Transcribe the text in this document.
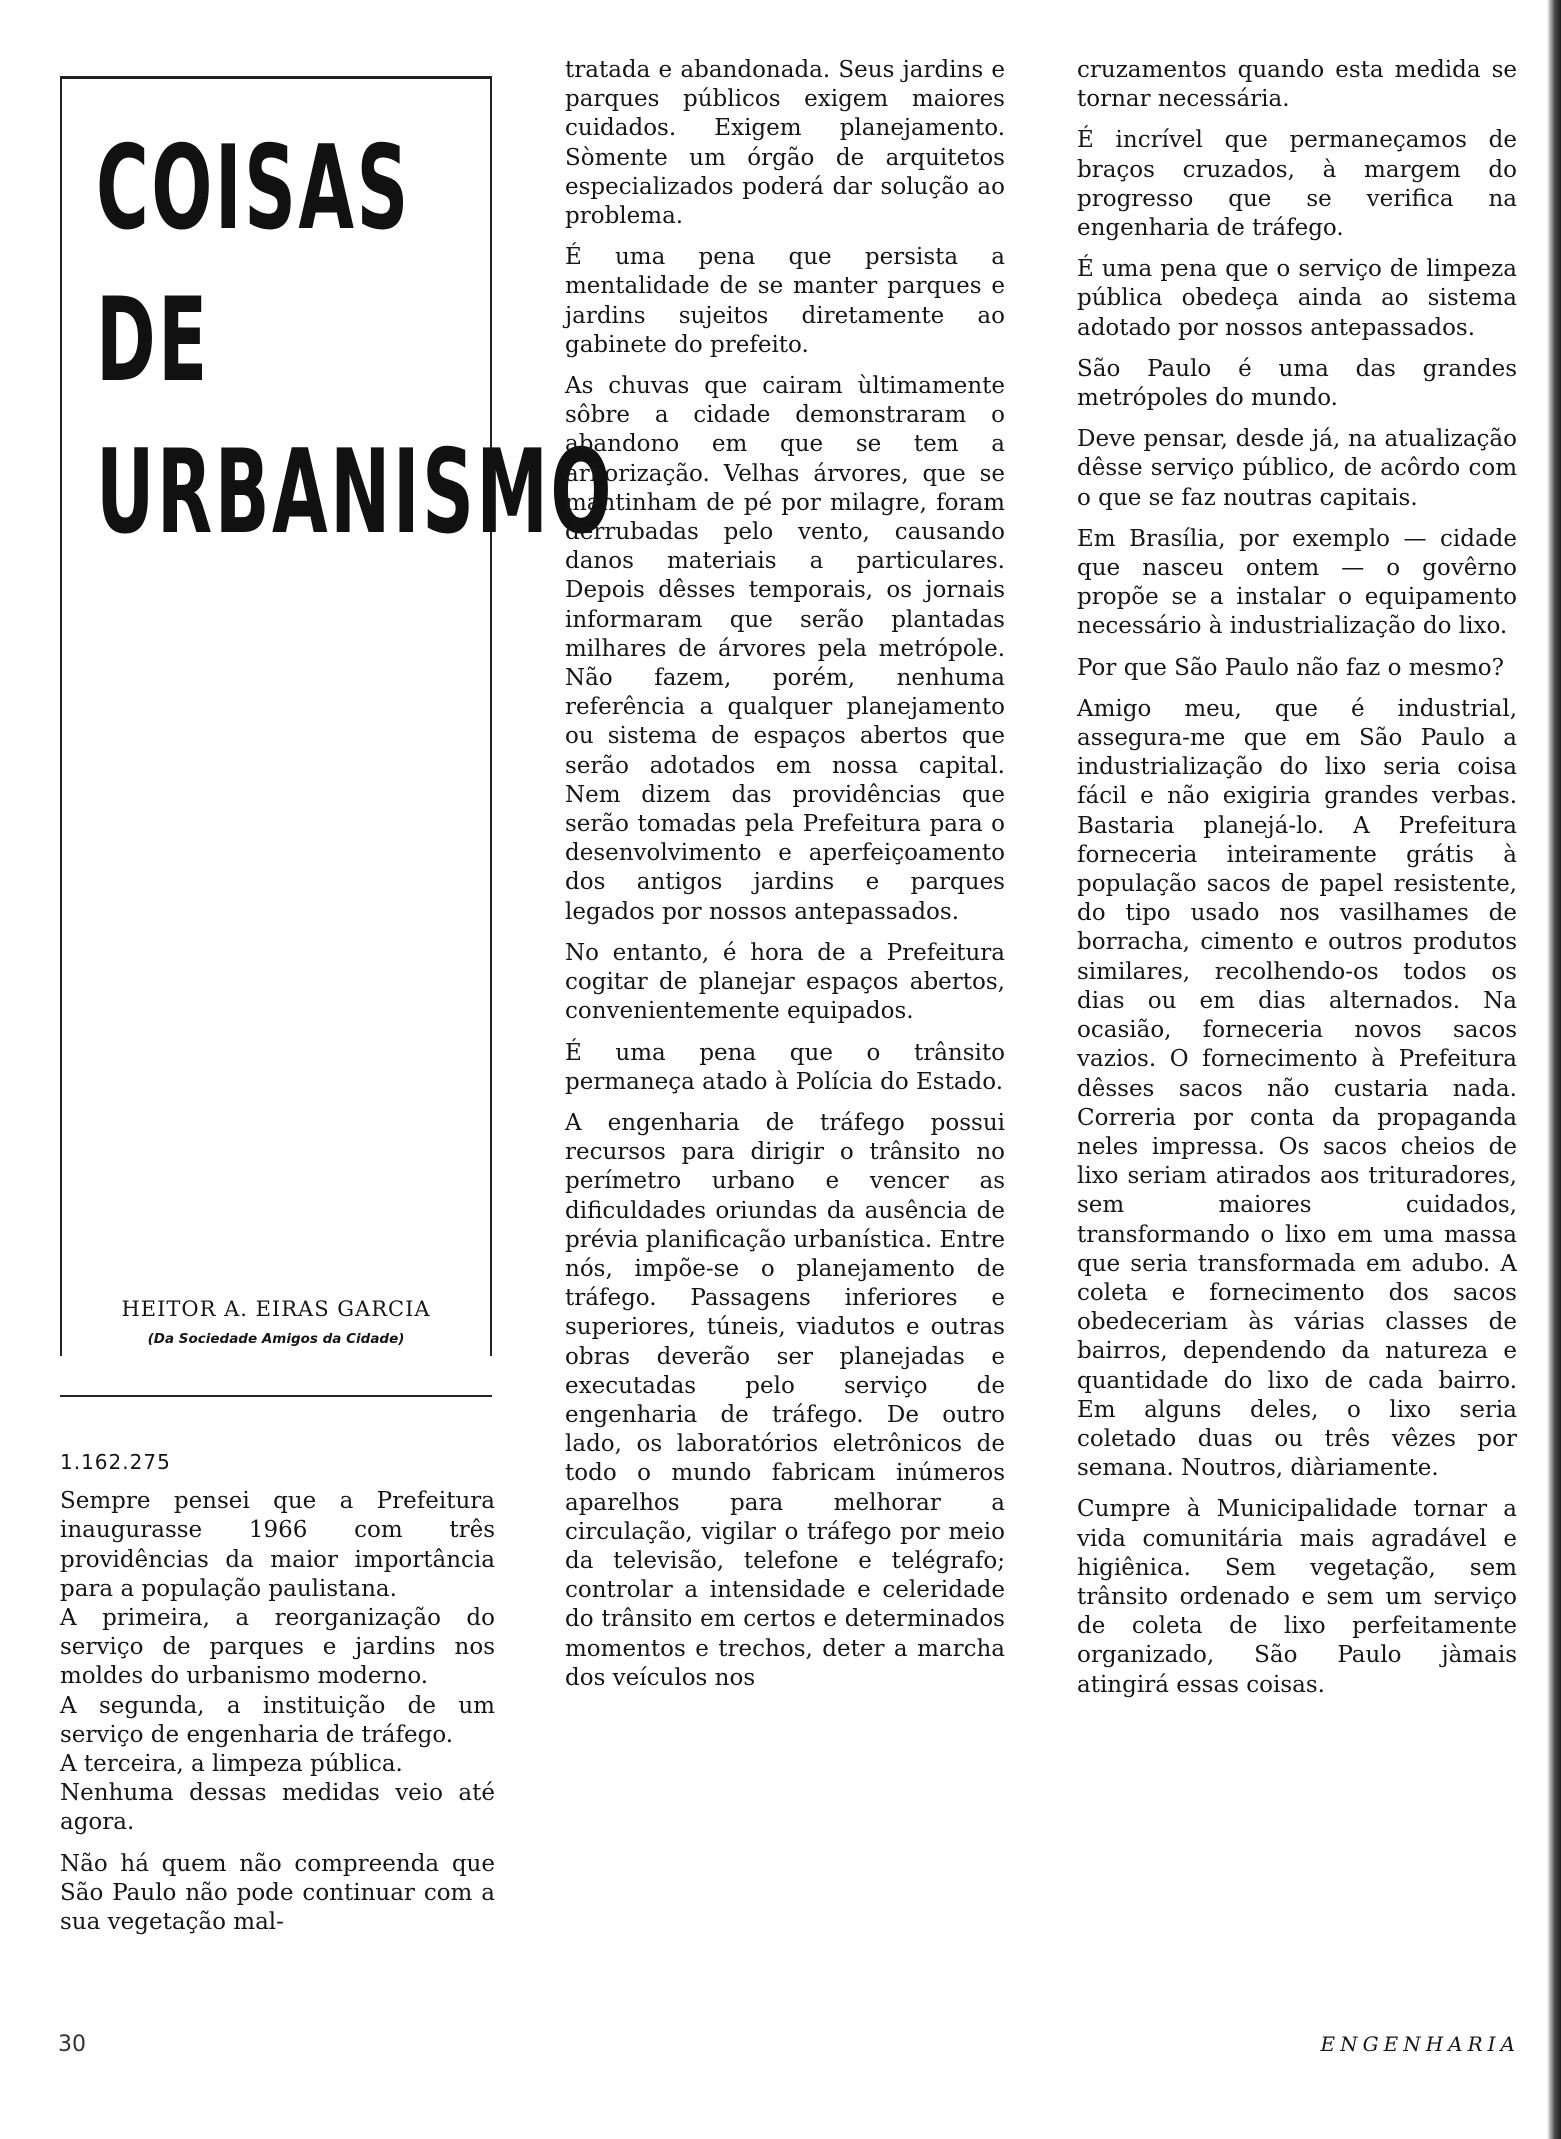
COISAS
DE
URBANISMO
HEITOR A. EIRAS GARCIA
(Da Sociedade Amigos da Cidade)
1.162.275

Sempre pensei que a Prefeitura inaugurasse 1966 com três providências da maior importância para a população paulistana.

A primeira, a reorganização do serviço de parques e jardins nos moldes do urbanismo moderno.

A segunda, a instituição de um serviço de engenharia de tráfego.

A terceira, a limpeza pública.

Nenhuma dessas medidas veio até agora.

Não há quem não compreenda que São Paulo não pode continuar com a sua vegetação mal-

tratada e abandonada. Seus jardins e parques públicos exigem maiores cuidados. Exigem planejamento. Sòmente um órgão de arquitetos especializados poderá dar solução ao problema.

É uma pena que persista a mentalidade de se manter parques e jardins sujeitos diretamente ao gabinete do prefeito.

As chuvas que cairam ùltimamente sôbre a cidade demonstraram o abandono em que se tem a arborização. Velhas árvores, que se mantinham de pé por milagre, foram derrubadas pelo vento, causando danos materiais a particulares. Depois dêsses temporais, os jornais informaram que serão plantadas milhares de árvores pela metrópole. Não fazem, porém, nenhuma referência a qualquer planejamento ou sistema de espaços abertos que serão adotados em nossa capital. Nem dizem das providências que serão tomadas pela Prefeitura para o desenvolvimento e aperfeiçoamento dos antigos jardins e parques legados por nossos antepassados.

No entanto, é hora de a Prefeitura cogitar de planejar espaços abertos, convenientemente equipados.

É uma pena que o trânsito permaneça atado à Polícia do Estado.

A engenharia de tráfego possui recursos para dirigir o trânsito no perímetro urbano e vencer as dificuldades oriundas da ausência de prévia planificação urbanística. Entre nós, impõe-se o planejamento de tráfego. Passagens inferiores e superiores, túneis, viadutos e outras obras deverão ser planejadas e executadas pelo serviço de engenharia de tráfego. De outro lado, os laboratórios eletrônicos de todo o mundo fabricam inúmeros aparelhos para melhorar a circulação, vigilar o tráfego por meio da televisão, telefone e telégrafo; controlar a intensidade e celeridade do trânsito em certos e determinados momentos e trechos, deter a marcha dos veículos nos

cruzamentos quando esta medida se tornar necessária.

É incrível que permaneçamos de braços cruzados, à margem do progresso que se verifica na engenharia de tráfego.

É uma pena que o serviço de limpeza pública obedeça ainda ao sistema adotado por nossos antepassados.

São Paulo é uma das grandes metrópoles do mundo.

Deve pensar, desde já, na atualização dêsse serviço público, de acôrdo com o que se faz noutras capitais.

Em Brasília, por exemplo — cidade que nasceu ontem — o govêrno propõe se a instalar o equipamento necessário à industrialização do lixo.

Por que São Paulo não faz o mesmo?

Amigo meu, que é industrial, assegura-me que em São Paulo a industrialização do lixo seria coisa fácil e não exigiria grandes verbas. Bastaria planejá-lo. A Prefeitura forneceria inteiramente grátis à população sacos de papel resistente, do tipo usado nos vasilhames de borracha, cimento e outros produtos similares, recolhendo-os todos os dias ou em dias alternados. Na ocasião, forneceria novos sacos vazios. O fornecimento à Prefeitura dêsses sacos não custaria nada. Correria por conta da propaganda neles impressa. Os sacos cheios de lixo seriam atirados aos trituradores, sem maiores cuidados, transformando o lixo em uma massa que seria transformada em adubo. A coleta e fornecimento dos sacos obedeceriam às várias classes de bairros, dependendo da natureza e quantidade do lixo de cada bairro. Em alguns deles, o lixo seria coletado duas ou três vêzes por semana. Noutros, diàriamente.

Cumpre à Municipalidade tornar a vida comunitária mais agradável e higiênica. Sem vegetação, sem trânsito ordenado e sem um serviço de coleta de lixo perfeitamente organizado, São Paulo jàmais atingirá essas coisas.

30	ENGENHARIA
